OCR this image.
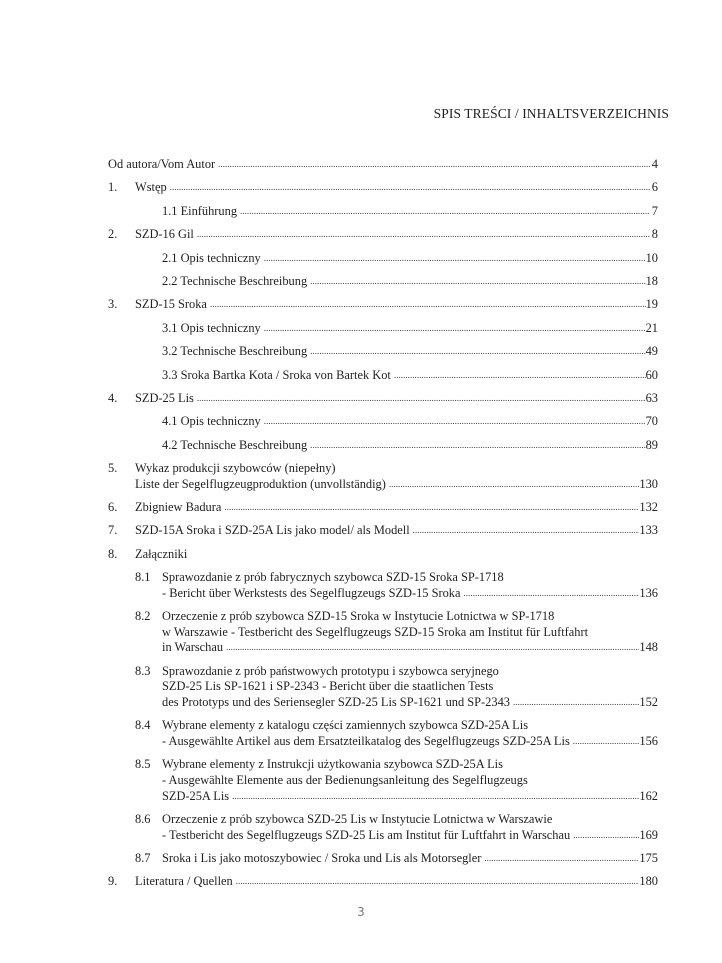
SPIS TREŚCI / INHALTSVERZEICHNIS
Od autora/Vom Autor . . .	4
1.	Wstęp . . .	6
1.1 Einführung . . .	7
2.	SZD-16 Gil . . .	8
2.1 Opis techniczny . . .	10
2.2 Technische Beschreibung . . .	18
3.	SZD-15 Sroka . . .	19
3.1 Opis techniczny . . .	21
3.2 Technische Beschreibung . . .	49
3.3 Sroka Bartka Kota / Sroka von Bartek Kot . . .	60
4.	SZD-25 Lis . . .	63
4.1 Opis techniczny . . .	70
4.2 Technische Beschreibung . . .	89
5.	Wykaz produkcji szybowców (niepełny)
Liste der Segelflugzeugproduktion (unvollständig) . . .	130
6.	Zbigniew Badura . . .	132
7.	SZD-15A Sroka i SZD-25A Lis jako model/ als Modell . . .	133
8.	Załączniki
8.1 Sprawozdanie z prób fabrycznych szybowca SZD-15 Sroka SP-1718
- Bericht über Werkstests des Segelflugzeugs SZD-15 Sroka . . .	136
8.2 Orzeczenie z prób szybowca SZD-15 Sroka w Instytucie Lotnictwa w SP-1718
w Warszawie - Testbericht des Segelflugzeugs SZD-15 Sroka am Institut für Luftfahrt
in Warschau . . .	148
8.3 Sprawozdanie z prób państwowych prototypu i szybowca seryjnego
SZD-25 Lis SP-1621 i SP-2343 - Bericht über die staatlichen Tests
des Prototyps und des Seriensegler SZD-25 Lis SP-1621 und SP-2343 . . .	152
8.4 Wybrane elementy z katalogu części zamiennych szybowca SZD-25A Lis
- Ausgewählte Artikel aus dem Ersatzteilkatalog des Segelflugzeugs SZD-25A Lis . . .	156
8.5 Wybrane elementy z Instrukcji użytkowania szybowca SZD-25A Lis
- Ausgewählte Elemente aus der Bedienungsanleitung des Segelflugzeugs
SZD-25A Lis . . .	162
8.6 Orzeczenie z prób szybowca SZD-25 Lis w Instytucie Lotnictwa w Warszawie
- Testbericht des Segelflugzeugs SZD-25 Lis am Institut für Luftfahrt in Warschau . . .	169
8.7 Sroka i Lis jako motoszybowiec / Sroka und Lis als Motorsegler . . .	175
9.	Literatura / Quellen . . .	180
3
